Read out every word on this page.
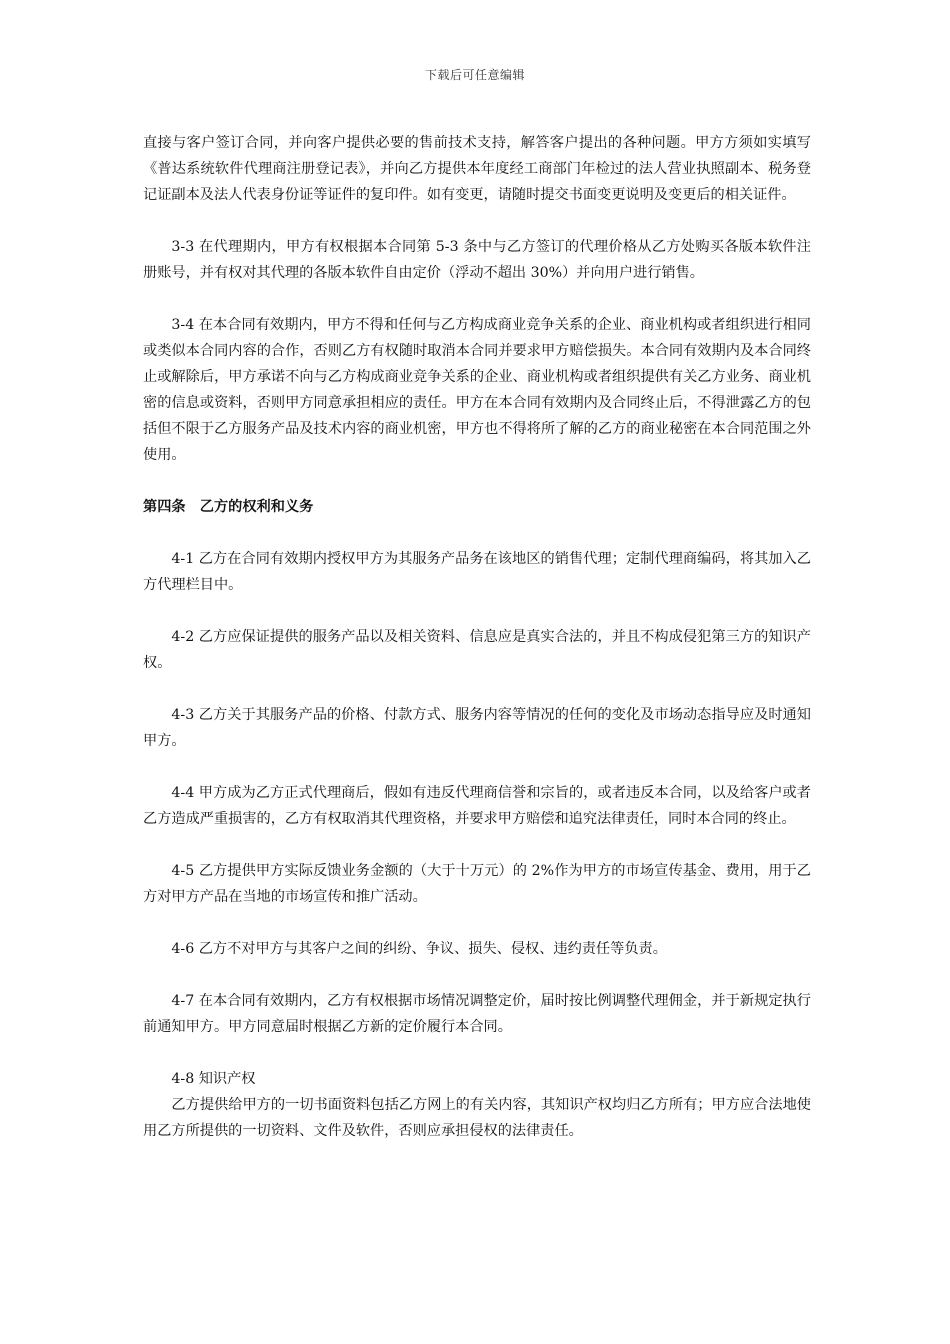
下载后可任意编辑

直接与客户签订合同，并向客户提供必要的售前技术支持，解答客户提出的各种问题。甲方方须如实填写《普达系统软件代理商注册登记表》，并向乙方提供本年度经工商部门年检过的法人营业执照副本、税务登记证副本及法人代表身份证等证件的复印件。如有变更，请随时提交书面变更说明及变更后的相关证件。

3-3 在代理期内，甲方有权根据本合同第 5-3 条中与乙方签订的代理价格从乙方处购买各版本软件注册账号，并有权对其代理的各版本软件自由定价（浮动不超出 30%）并向用户进行销售。

3-4 在本合同有效期内，甲方不得和任何与乙方构成商业竞争关系的企业、商业机构或者组织进行相同或类似本合同内容的合作，否则乙方有权随时取消本合同并要求甲方赔偿损失。本合同有效期内及本合同终止或解除后，甲方承诺不向与乙方构成商业竞争关系的企业、商业机构或者组织提供有关乙方业务、商业机密的信息或资料，否则甲方同意承担相应的责任。甲方在本合同有效期内及合同终止后，不得泄露乙方的包括但不限于乙方服务产品及技术内容的商业机密，甲方也不得将所了解的乙方的商业秘密在本合同范围之外使用。

第四条　乙方的权利和义务

4-1 乙方在合同有效期内授权甲方为其服务产品务在该地区的销售代理；定制代理商编码，将其加入乙方代理栏目中。

4-2 乙方应保证提供的服务产品以及相关资料、信息应是真实合法的，并且不构成侵犯第三方的知识产权。

4-3 乙方关于其服务产品的价格、付款方式、服务内容等情况的任何的变化及市场动态指导应及时通知甲方。

4-4 甲方成为乙方正式代理商后，假如有违反代理商信誉和宗旨的，或者违反本合同，以及给客户或者乙方造成严重损害的，乙方有权取消其代理资格，并要求甲方赔偿和追究法律责任，同时本合同的终止。

4-5 乙方提供甲方实际反馈业务金额的（大于十万元）的 2%作为甲方的市场宣传基金、费用，用于乙方对甲方产品在当地的市场宣传和推广活动。

4-6 乙方不对甲方与其客户之间的纠纷、争议、损失、侵权、违约责任等负责。

4-7 在本合同有效期内，乙方有权根据市场情况调整定价，届时按比例调整代理佣金，并于新规定执行前通知甲方。甲方同意届时根据乙方新的定价履行本合同。

4-8 知识产权

乙方提供给甲方的一切书面资料包括乙方网上的有关内容，其知识产权均归乙方所有；甲方应合法地使用乙方所提供的一切资料、文件及软件，否则应承担侵权的法律责任。
